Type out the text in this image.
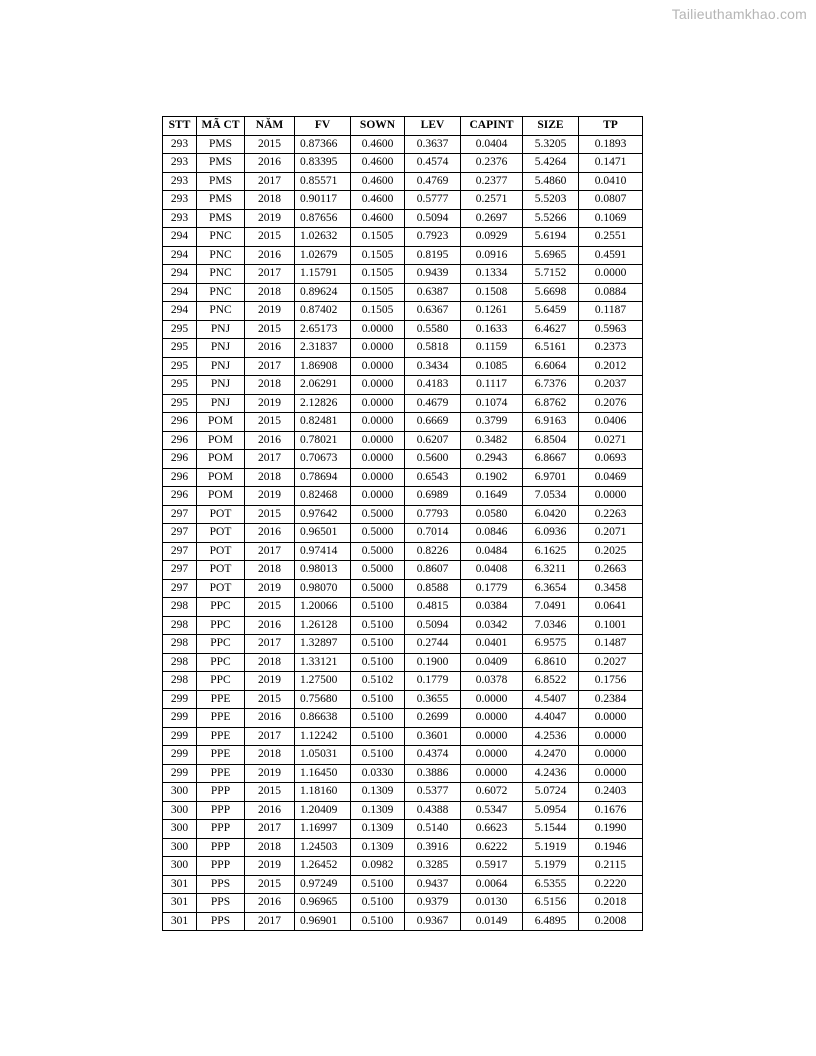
Tailieuthamkhao.com
STT	MÃ CT	NĂM	FV	SOWN	LEV	CAPINT	SIZE	TP
293	PMS	2015	0.87366	0.4600	0.3637	0.0404	5.3205	0.1893
293	PMS	2016	0.83395	0.4600	0.4574	0.2376	5.4264	0.1471
293	PMS	2017	0.85571	0.4600	0.4769	0.2377	5.4860	0.0410
293	PMS	2018	0.90117	0.4600	0.5777	0.2571	5.5203	0.0807
293	PMS	2019	0.87656	0.4600	0.5094	0.2697	5.5266	0.1069
294	PNC	2015	1.02632	0.1505	0.7923	0.0929	5.6194	0.2551
294	PNC	2016	1.02679	0.1505	0.8195	0.0916	5.6965	0.4591
294	PNC	2017	1.15791	0.1505	0.9439	0.1334	5.7152	0.0000
294	PNC	2018	0.89624	0.1505	0.6387	0.1508	5.6698	0.0884
294	PNC	2019	0.87402	0.1505	0.6367	0.1261	5.6459	0.1187
295	PNJ	2015	2.65173	0.0000	0.5580	0.1633	6.4627	0.5963
295	PNJ	2016	2.31837	0.0000	0.5818	0.1159	6.5161	0.2373
295	PNJ	2017	1.86908	0.0000	0.3434	0.1085	6.6064	0.2012
295	PNJ	2018	2.06291	0.0000	0.4183	0.1117	6.7376	0.2037
295	PNJ	2019	2.12826	0.0000	0.4679	0.1074	6.8762	0.2076
296	POM	2015	0.82481	0.0000	0.6669	0.3799	6.9163	0.0406
296	POM	2016	0.78021	0.0000	0.6207	0.3482	6.8504	0.0271
296	POM	2017	0.70673	0.0000	0.5600	0.2943	6.8667	0.0693
296	POM	2018	0.78694	0.0000	0.6543	0.1902	6.9701	0.0469
296	POM	2019	0.82468	0.0000	0.6989	0.1649	7.0534	0.0000
297	POT	2015	0.97642	0.5000	0.7793	0.0580	6.0420	0.2263
297	POT	2016	0.96501	0.5000	0.7014	0.0846	6.0936	0.2071
297	POT	2017	0.97414	0.5000	0.8226	0.0484	6.1625	0.2025
297	POT	2018	0.98013	0.5000	0.8607	0.0408	6.3211	0.2663
297	POT	2019	0.98070	0.5000	0.8588	0.1779	6.3654	0.3458
298	PPC	2015	1.20066	0.5100	0.4815	0.0384	7.0491	0.0641
298	PPC	2016	1.26128	0.5100	0.5094	0.0342	7.0346	0.1001
298	PPC	2017	1.32897	0.5100	0.2744	0.0401	6.9575	0.1487
298	PPC	2018	1.33121	0.5100	0.1900	0.0409	6.8610	0.2027
298	PPC	2019	1.27500	0.5102	0.1779	0.0378	6.8522	0.1756
299	PPE	2015	0.75680	0.5100	0.3655	0.0000	4.5407	0.2384
299	PPE	2016	0.86638	0.5100	0.2699	0.0000	4.4047	0.0000
299	PPE	2017	1.12242	0.5100	0.3601	0.0000	4.2536	0.0000
299	PPE	2018	1.05031	0.5100	0.4374	0.0000	4.2470	0.0000
299	PPE	2019	1.16450	0.0330	0.3886	0.0000	4.2436	0.0000
300	PPP	2015	1.18160	0.1309	0.5377	0.6072	5.0724	0.2403
300	PPP	2016	1.20409	0.1309	0.4388	0.5347	5.0954	0.1676
300	PPP	2017	1.16997	0.1309	0.5140	0.6623	5.1544	0.1990
300	PPP	2018	1.24503	0.1309	0.3916	0.6222	5.1919	0.1946
300	PPP	2019	1.26452	0.0982	0.3285	0.5917	5.1979	0.2115
301	PPS	2015	0.97249	0.5100	0.9437	0.0064	6.5355	0.2220
301	PPS	2016	0.96965	0.5100	0.9379	0.0130	6.5156	0.2018
301	PPS	2017	0.96901	0.5100	0.9367	0.0149	6.4895	0.2008
